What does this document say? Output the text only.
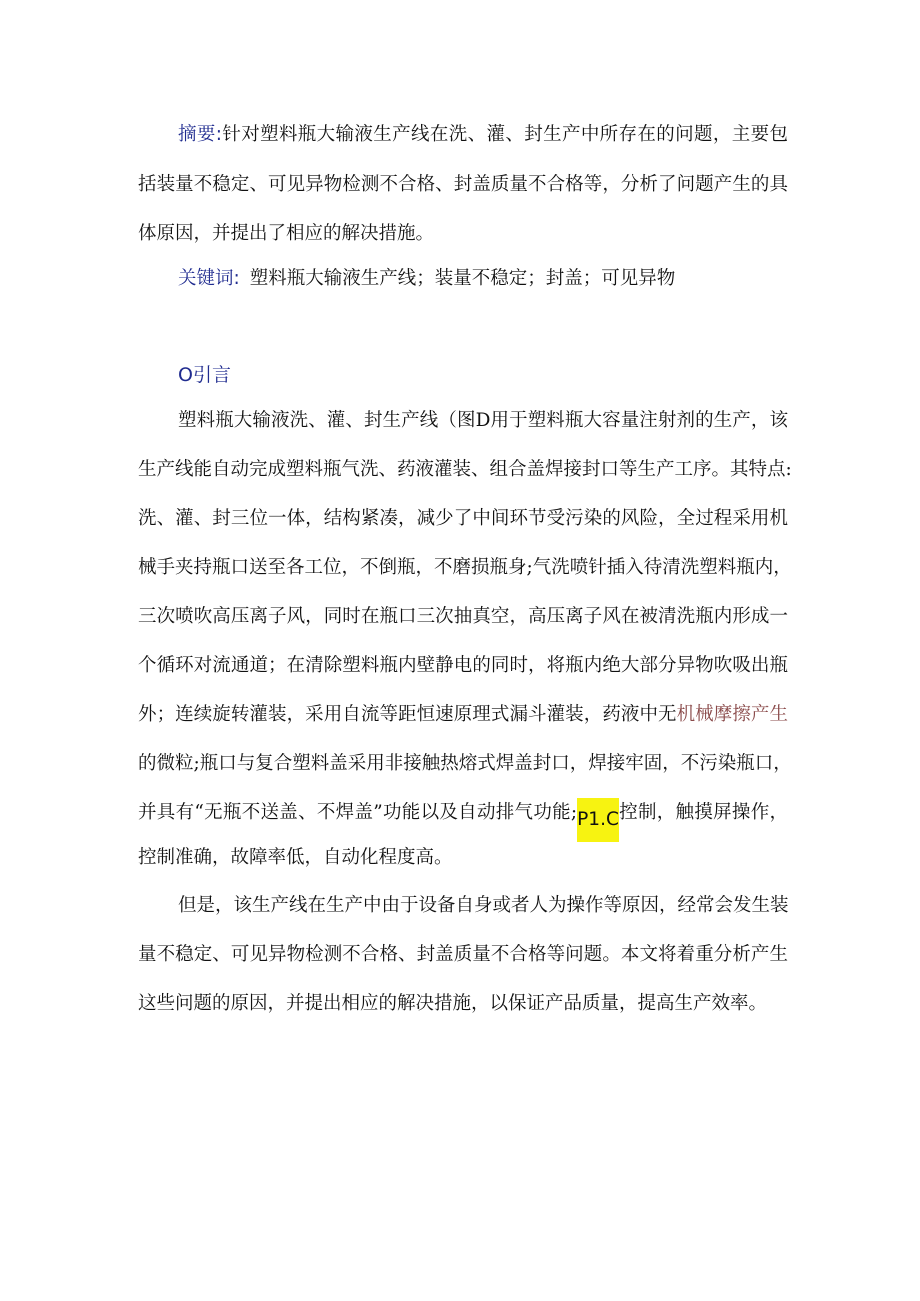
摘要:针对塑料瓶大输液生产线在洗、灌、封生产中所存在的问题，主要包
括装量不稳定、可见异物检测不合格、封盖质量不合格等，分析了问题产生的具
体原因，并提出了相应的解决措施。
关键词: 塑料瓶大输液生产线；装量不稳定；封盖；可见异物
O引言
塑料瓶大输液洗、灌、封生产线（图D用于塑料瓶大容量注射剂的生产，该
生产线能自动完成塑料瓶气洗、药液灌装、组合盖焊接封口等生产工序。其特点:
洗、灌、封三位一体，结构紧凑，减少了中间环节受污染的风险，全过程采用机
械手夹持瓶口送至各工位，不倒瓶，不磨损瓶身;气洗喷针插入待清洗塑料瓶内，
三次喷吹高压离子风，同时在瓶口三次抽真空，高压离子风在被清洗瓶内形成一
个循环对流通道；在清除塑料瓶内壁静电的同时，将瓶内绝大部分异物吹吸出瓶
外；连续旋转灌装，采用自流等距恒速原理式漏斗灌装，药液中无机械摩擦产生
的微粒;瓶口与复合塑料盖采用非接触热熔式焊盖封口，焊接牢固，不污染瓶口，
并具有“无瓶不送盖、不焊盖”功能以及自动排气功能;P1.C控制，触摸屏操作，
控制准确，故障率低，自动化程度高。
但是，该生产线在生产中由于设备自身或者人为操作等原因，经常会发生装
量不稳定、可见异物检测不合格、封盖质量不合格等问题。本文将着重分析产生
这些问题的原因，并提出相应的解决措施，以保证产品质量，提高生产效率。
